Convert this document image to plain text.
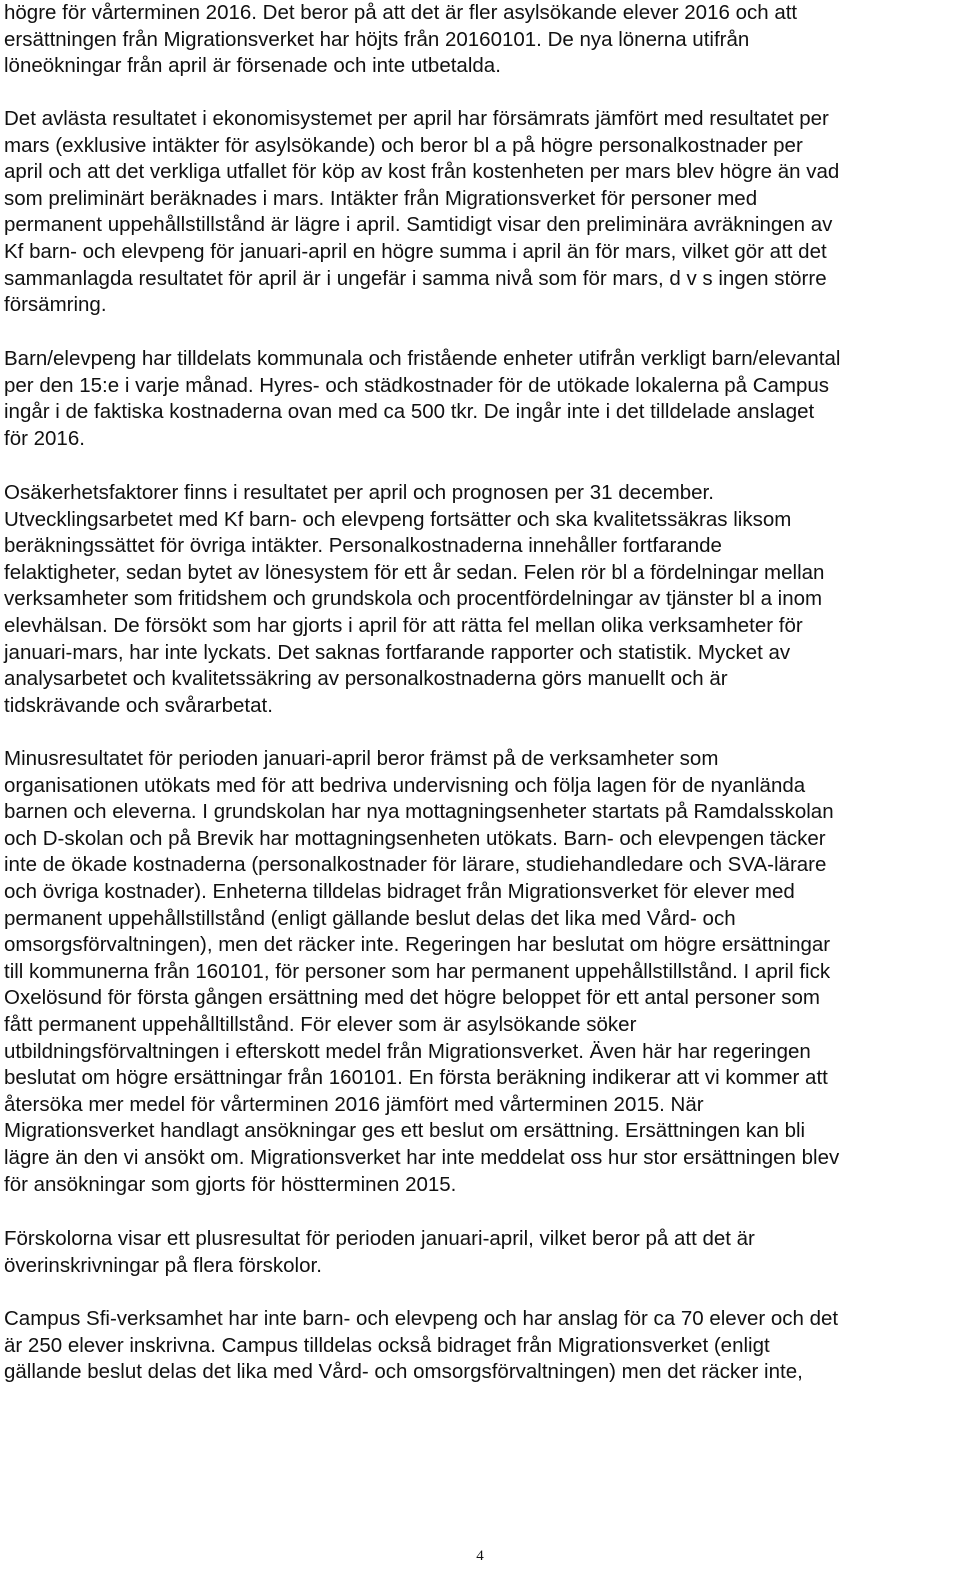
högre för vårterminen 2016. Det beror på att det är fler asylsökande elever 2016 och att
ersättningen från Migrationsverket har höjts från 20160101. De nya lönerna utifrån
löneökningar från april är försenade och inte utbetalda.

Det avlästa resultatet i ekonomisystemet per april har försämrats jämfört med resultatet per
mars (exklusive intäkter för asylsökande) och beror bl a på högre personalkostnader per
april och att det verkliga utfallet för köp av kost från kostenheten per mars blev högre än vad
som preliminärt beräknades i mars. Intäkter från Migrationsverket för personer med
permanent uppehållstillstånd är lägre i april. Samtidigt visar den preliminära avräkningen av
Kf barn- och elevpeng för januari-april en högre summa i april än för mars, vilket gör att det
sammanlagda resultatet för april är i ungefär i samma nivå som för mars, d v s ingen större
försämring.

Barn/elevpeng har tilldelats kommunala och fristående enheter utifrån verkligt barn/elevantal
per den 15:e i varje månad. Hyres- och städkostnader för de utökade lokalerna på Campus
ingår i de faktiska kostnaderna ovan med ca 500 tkr. De ingår inte i det tilldelade anslaget
för 2016.

Osäkerhetsfaktorer finns i resultatet per april och prognosen per 31 december.
Utvecklingsarbetet med Kf barn- och elevpeng fortsätter och ska kvalitetssäkras liksom
beräkningssättet för övriga intäkter. Personalkostnaderna innehåller fortfarande
felaktigheter, sedan bytet av lönesystem för ett år sedan. Felen rör bl a fördelningar mellan
verksamheter som fritidshem och grundskola och procentfördelningar av tjänster bl a inom
elevhälsan. De försökt som har gjorts i april för att rätta fel mellan olika verksamheter för
januari-mars, har inte lyckats. Det saknas fortfarande rapporter och statistik. Mycket av
analysarbetet och kvalitetssäkring av personalkostnaderna görs manuellt och är
tidskrävande och svårarbetat.

Minusresultatet för perioden januari-april beror främst på de verksamheter som
organisationen utökats med för att bedriva undervisning och följa lagen för de nyanlända
barnen och eleverna. I grundskolan har nya mottagningsenheter startats på Ramdalsskolan
och D-skolan och på Brevik har mottagningsenheten utökats. Barn- och elevpengen täcker
inte de ökade kostnaderna (personalkostnader för lärare, studiehandledare och SVA-lärare
och övriga kostnader). Enheterna tilldelas bidraget från Migrationsverket för elever med
permanent uppehållstillstånd (enligt gällande beslut delas det lika med Vård- och
omsorgsförvaltningen), men det räcker inte. Regeringen har beslutat om högre ersättningar
till kommunerna från 160101, för personer som har permanent uppehållstillstånd. I april fick
Oxelösund för första gången ersättning med det högre beloppet för ett antal personer som
fått permanent uppehålltillstånd. För elever som är asylsökande söker
utbildningsförvaltningen i efterskott medel från Migrationsverket. Även här har regeringen
beslutat om högre ersättningar från 160101. En första beräkning indikerar att vi kommer att
återsöka mer medel för vårterminen 2016 jämfört med vårterminen 2015. När
Migrationsverket handlagt ansökningar ges ett beslut om ersättning. Ersättningen kan bli
lägre än den vi ansökt om. Migrationsverket har inte meddelat oss hur stor ersättningen blev
för ansökningar som gjorts för höstterminen 2015.

Förskolorna visar ett plusresultat för perioden januari-april, vilket beror på att det är
överinskrivningar på flera förskolor.

Campus Sfi-verksamhet har inte barn- och elevpeng och har anslag för ca 70 elever och det
är 250 elever inskrivna. Campus tilldelas också bidraget från Migrationsverket (enligt
gällande beslut delas det lika med Vård- och omsorgsförvaltningen) men det räcker inte,

4
